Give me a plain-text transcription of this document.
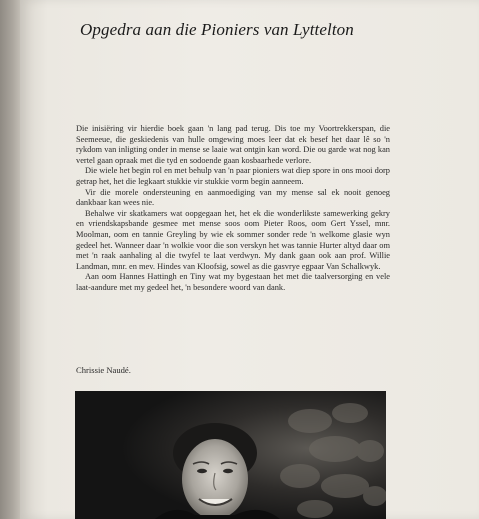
Opgedra aan die Pioniers van Lyttelton

Die inisiëring vir hierdie boek gaan 'n lang pad terug. Dis toe my Voortrekkerspan, die Seemeeue, die geskiedenis van hulle omgewing moes leer dat ek besef het daar lê so 'n rykdom van inligting onder in mense se laaie wat ontgin kan word. Die ou garde wat nog kan vertel gaan opraak met die tyd en sodoende gaan kosbaarhede verlore.

Die wiele het begin rol en met behulp van 'n paar pioniers wat diep spore in ons mooi dorp getrap het, het die legkaart stukkie vir stukkie vorm begin aanneem.

Vir die morele ondersteuning en aanmoediging van my mense sal ek nooit genoeg dankbaar kan wees nie.

Behalwe vir skatkamers wat oopgegaan het, het ek die wonderlikste samewerking gekry en vriendskapsbande gesmee met mense soos oom Pieter Roos, oom Gert Yssel, mnr. Moolman, oom en tannie Greyling by wie ek sommer sonder rede 'n welkome glasie wyn gedeel het. Wanneer daar 'n wolkie voor die son verskyn het was tannie Hurter altyd daar om met 'n raak aanhaling al die twyfel te laat verdwyn. My dank gaan ook aan prof. Willie Landman, mnr. en mev. Hindes van Kloofsig, sowel as die gasvrye egpaar Van Schalkwyk.

Aan oom Hannes Hattingh en Tiny wat my bygestaan het met die taalversorging en vele laat-aandure met my gedeel het, 'n besondere woord van dank.

Chrissie Naudé.
